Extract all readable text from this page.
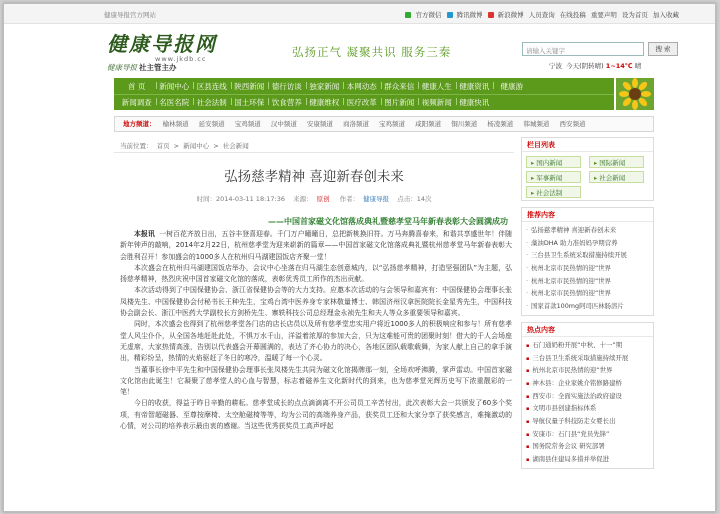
健康导报官方网站	官方微信 腾讯微博 新浪微博 人员查询 在线投稿 重要声明 设为首页 加入收藏
健康导报网
www.jkdb.cc
健康导报 社主管主办
弘扬正气 凝聚共识 服务三秦	请输入关键字	搜 索
宁波 今天(阴转晴) 1~14℃ 晴
首 页	新闻中心	区县连线	陕西新闻	德行访谈	独家新闻	本网动态	群众来信	健康人生	健康资讯	健康游
新闻调查	名医名院	社会法制	国土环保	饮食营养	健康维权	医疗改革	图片新闻	视频新闻	健康快讯
地方频道： 榆林频道 延安频道 宝鸡频道 汉中频道 安康频道 商洛频道 宝鸡频道 咸阳频道 铜川频道 杨凌频道 韩城频道 西安频道
当前位置： 首页 > 新闻中心 > 社会新闻
弘扬慈孝精神 喜迎新春创未来
时间：2014-03-11 18:17:36 来源： 原创 作者： 健康导报 点击：14次
——中国首家磁文化馆落成典礼暨慈孝堂马年新春表彰大会圆满成功

本报讯 一树百花齐放日出，五谷丰登喜迎春。千门万户曈曈日，总把新桃换旧符。万马奔腾喜春来，和谐共享盛世年！伴随新年钟声的敲响，2014年2月22日，杭州慈孝堂为迎来崭新的篇章——中国首家磁文化馆落成典礼暨杭州慈孝堂马年新春表彰大会胜利召开！参加盛会的1000多人在杭州归马湖建国饭店齐聚一堂！

本次盛会在杭州归马湖建国饭店举办，会议中心坐落在归马湖生态创意城内，以“弘扬慈孝精神，打造坚强团队”为主题，弘扬慈孝精神，热烈庆祝中国首家磁文化馆的落成，表彰优秀员工所作的杰出贡献。

本次活动得到了中国保健协会、浙江省保健协会等的大力支持。应邀本次活动的与会领导和嘉宾有：中国保健协会理事长张凤楼先生、中国保健协会付秘书长王种先生，宝鸡台湾中医养身专家林敬量博士、韩国济州汉拿医院院长金星秀先生，中国科技协会副会长、浙江中医药大学副校长方剑桥先生、寨轶科技公司总经理金永祯先生和夫人等众多重要领导和嘉宾。

同时，本次盛会也得到了杭州慈孝堂各门店的店长店员以及所有慈孝堂忠实用户将近1000多人的积极响应和参与！所有慈孝堂人风尘仆仆，从全国各地赶赴此处，不惧万水千山，洋溢着浓厚的参加大会，只为这难能可贵的团聚时刻！借大的千人会场座无虚席，大家热情高涨，告别以代表盛会开幕圆满的，表达了齐心协力的决心，各地区团队载歌载舞，为家人献上自己的拿手演出，精彩纷呈，热情的火焰驱赶了冬日的寒冷，温暖了每一个心灵。

当董事长徐中平先生和中国保健协会理事长张凤楼先生共同为磁文化馆揭牌那一刻，全场欢呼沸腾，掌声雷动。中国首家磁文化馆由此诞生！它凝聚了慈孝堂人的心血与智慧，标志着磁养生文化新时代的到来，也为慈孝堂光辉历史写下浓重靓彩的一笔！

今日的收获，得益于昨日辛勤的耕耘。慈孝堂成长的点点滴滴离不开公司员工辛苦付出，此次表彰大会一共颁发了60多个奖项，有帝智超磁器、至尊按摩椅、太空舱磁椅等等，均为公司的高端养身产品，获奖员工还和大家分享了获奖感言，难掩激动的心情，对公司的培养表示最由衷的感谢。当这些优秀获奖员工高声呼起

栏目列表
▸ 国内新闻	▸ 国际新闻
▸ 军事新闻	▸ 社会新闻
▸ 社会法制
推荐内容
· 弘扬慈孝精神 喜迎新春创未来
· 藻油DHA 助力准妈妈孕期营养
· 三台县卫生系统采取措施持续开展
· 杭州北京市民热情的迎“世界
· 杭州北京市民热情的迎“世界
· 杭州北京市民热情的迎“世界
· 国家首款100mg阿司匹林肠溶片
热点内容
▪ 石门通奶粉开展“中秋、十一”期
▪ 三台县卫生系统采取措施持续开展
▪ 杭州北京市民热情的迎“世界
▪ 神木县：企业家姚介铭修路建桥
▪ 西安市：全面实施法治政府建设
▪ 文明市县创建指标体系
▪ 导航仪量子科技防走女婴长出
▪ 安康市：石门县“党员先锋”
▪ 国务院常务会议 研究部署
▪ 湖南县住建局多措并举促进
